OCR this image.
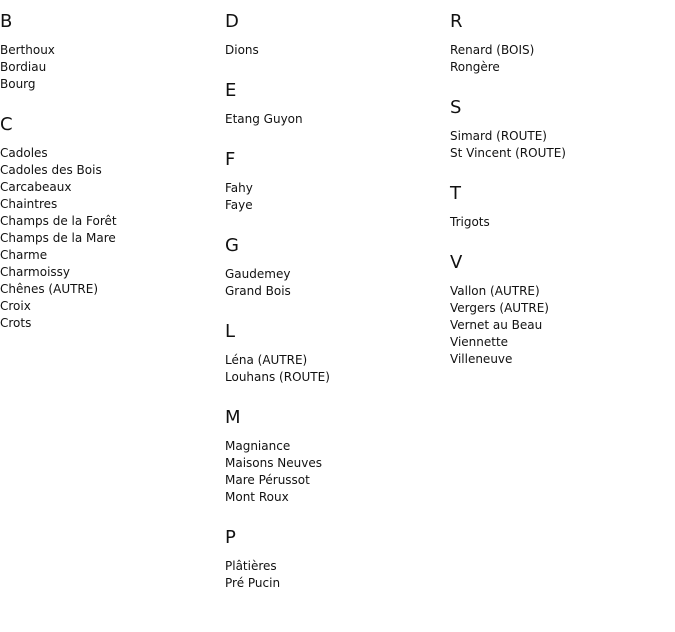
B
Berthoux
Bordiau
Bourg
C
Cadoles
Cadoles des Bois
Carcabeaux
Chaintres
Champs de la Forêt
Champs de la Mare
Charme
Charmoissy
Chênes (AUTRE)
Croix
Crots
D
Dions
E
Etang Guyon
F
Fahy
Faye
G
Gaudemey
Grand Bois
L
Léna (AUTRE)
Louhans (ROUTE)
M
Magniance
Maisons Neuves
Mare Pérussot
Mont Roux
P
Plâtières
Pré Pucin
R
Renard (BOIS)
Rongère
S
Simard (ROUTE)
St Vincent (ROUTE)
T
Trigots
V
Vallon (AUTRE)
Vergers (AUTRE)
Vernet au Beau
Viennette
Villeneuve
